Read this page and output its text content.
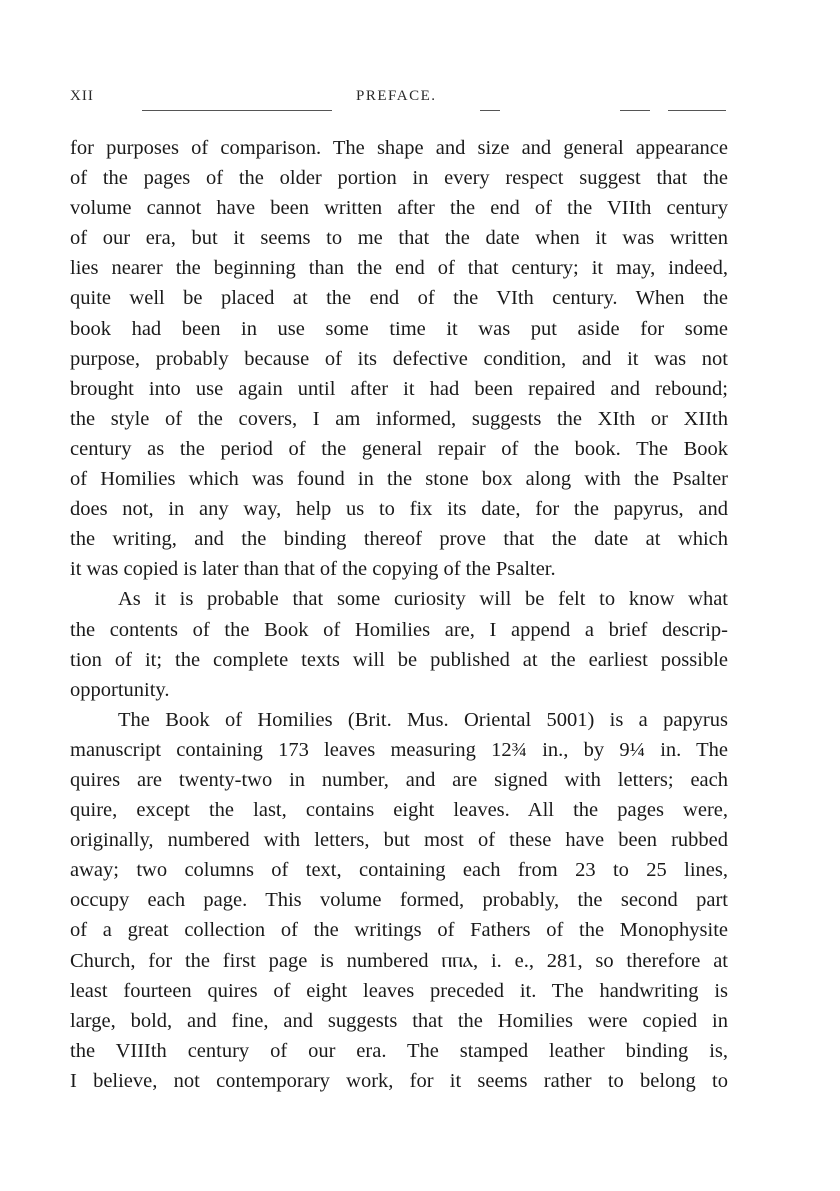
XII	PREFACE.
for purposes of comparison. The shape and size and general appearance
of the pages of the older portion in every respect suggest that the
volume cannot have been written after the end of the VIIth century
of our era, but it seems to me that the date when it was written
lies nearer the beginning than the end of that century; it may, indeed,
quite well be placed at the end of the VIth century. When the
book had been in use some time it was put aside for some
purpose, probably because of its defective condition, and it was not
brought into use again until after it had been repaired and rebound;
the style of the covers, I am informed, suggests the XIth or XIIth
century as the period of the general repair of the book. The Book
of Homilies which was found in the stone box along with the Psalter
does not, in any way, help us to fix its date, for the papyrus, and
the writing, and the binding thereof prove that the date at which
it was copied is later than that of the copying of the Psalter.
As it is probable that some curiosity will be felt to know what
the contents of the Book of Homilies are, I append a brief descrip-
tion of it; the complete texts will be published at the earliest possible
opportunity.
The Book of Homilies (Brit. Mus. Oriental 5001) is a papyrus
manuscript containing 173 leaves measuring 12¾ in., by 9¼ in. The
quires are twenty-two in number, and are signed with letters; each
quire, except the last, contains eight leaves. All the pages were,
originally, numbered with letters, but most of these have been rubbed
away; two columns of text, containing each from 23 to 25 lines,
occupy each page. This volume formed, probably, the second part
of a great collection of the writings of Fathers of the Monophysite
Church, for the first page is numbered ⲡⲡⲁ, i. e., 281, so therefore at
least fourteen quires of eight leaves preceded it. The handwriting is
large, bold, and fine, and suggests that the Homilies were copied in
the VIIIth century of our era. The stamped leather binding is,
I believe, not contemporary work, for it seems rather to belong to
